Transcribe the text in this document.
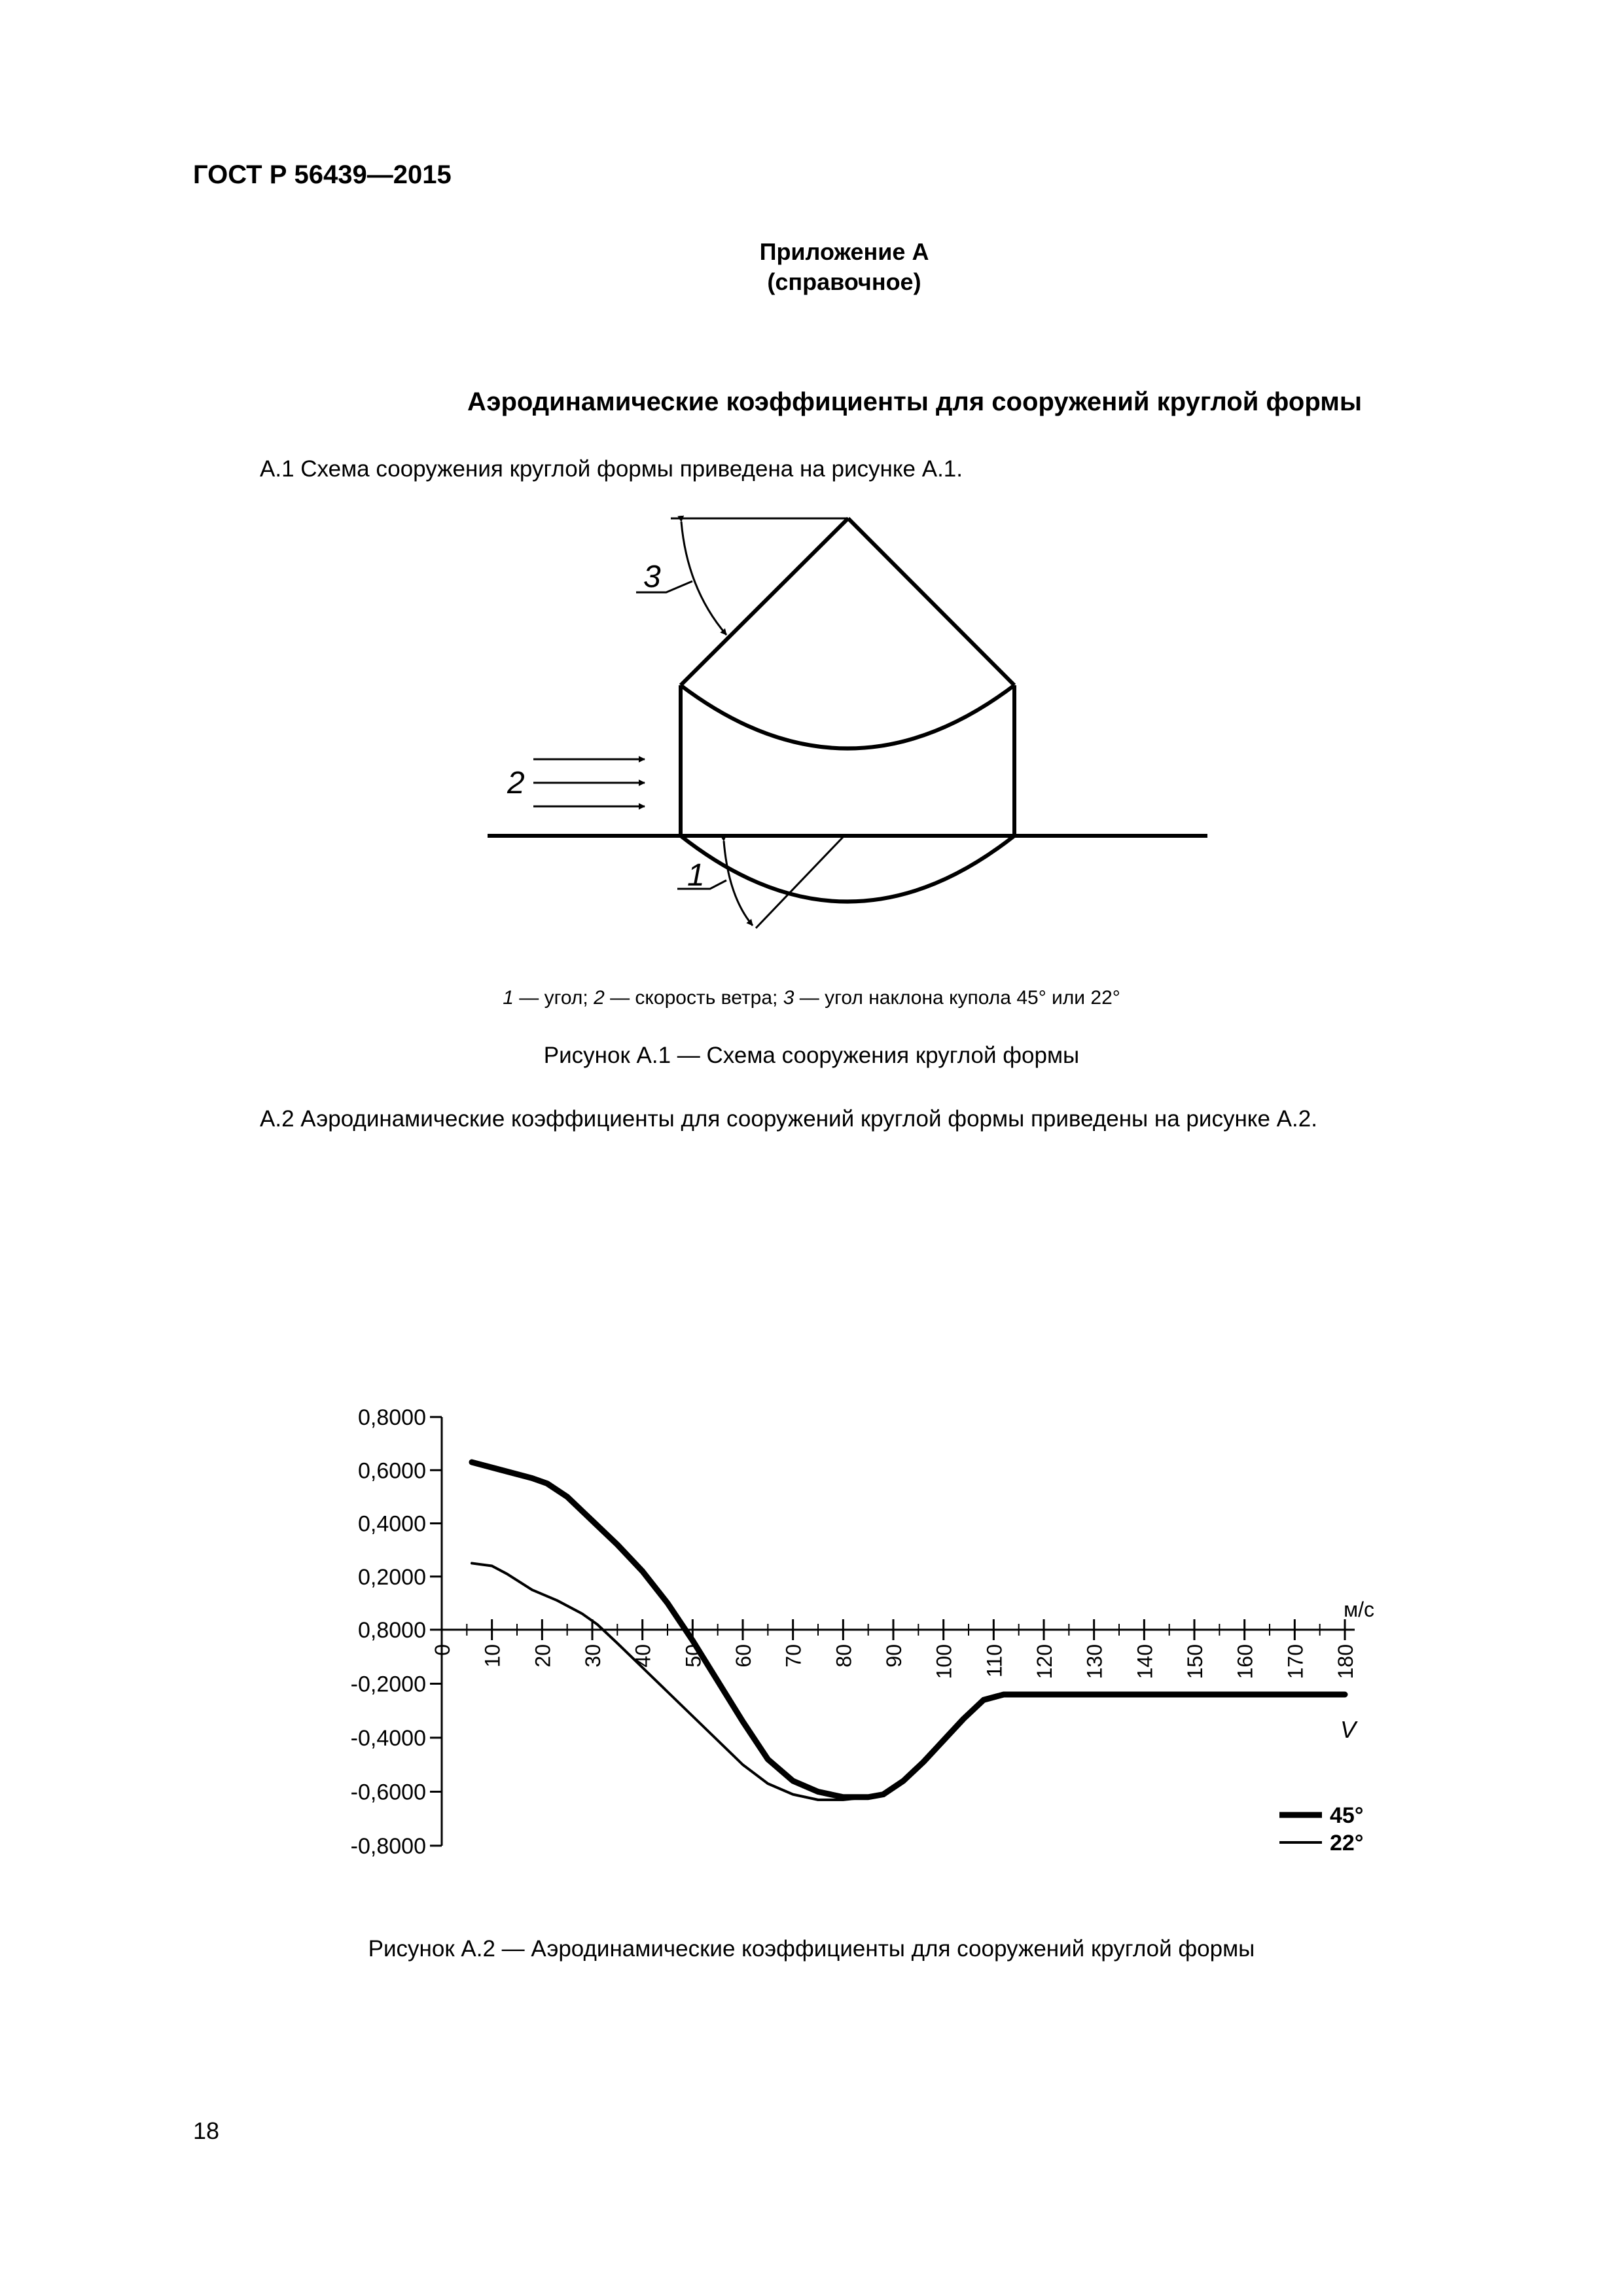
ГОСТ Р 56439—2015
Приложение А
(справочное)
Аэродинамические коэффициенты для сооружений круглой формы
А.1 Схема сооружения круглой формы приведена на рисунке А.1.
3
2
1
1 — угол; 2 — скорость ветра; 3 — угол наклона купола 45° или 22°
Рисунок А.1 — Схема сооружения круглой формы
А.2 Аэродинамические коэффициенты для сооружений круглой формы приведены на рисунке А.2.
0,8000
0,6000
0,4000
0,2000
0,8000
-0,2000
-0,4000
-0,6000
-0,8000
0 10 20 30 40 50 60 70 80 90 100 110 120 130 140 150 160 170 180
м/с
V
45°
22°
Рисунок А.2 — Аэродинамические коэффициенты для сооружений круглой формы
18
